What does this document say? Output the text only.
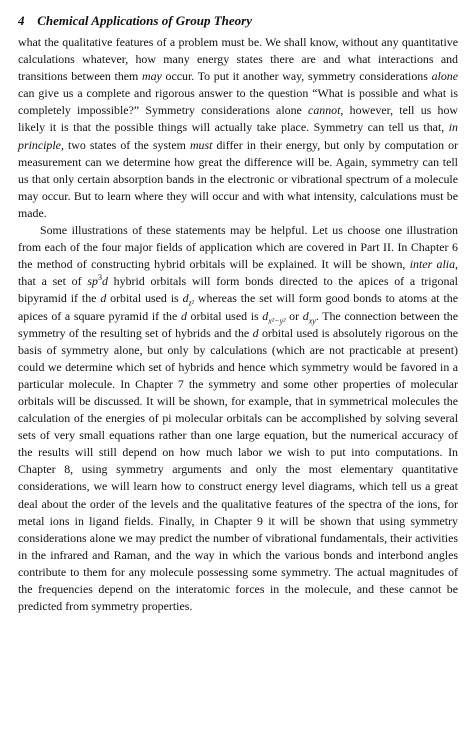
4 Chemical Applications of Group Theory

what the qualitative features of a problem must be. We shall know, without any quantitative calculations whatever, how many energy states there are and what interactions and transitions between them may occur. To put it another way, symmetry considerations alone can give us a complete and rigorous answer to the question “What is possible and what is completely impossible?” Symmetry considerations alone cannot, however, tell us how likely it is that the possible things will actually take place. Symmetry can tell us that, in principle, two states of the system must differ in their energy, but only by computation or measurement can we determine how great the difference will be. Again, symmetry can tell us that only certain absorption bands in the electronic or vibrational spectrum of a molecule may occur. But to learn where they will occur and with what intensity, calculations must be made.

Some illustrations of these statements may be helpful. Let us choose one illustration from each of the four major fields of application which are covered in Part II. In Chapter 6 the method of constructing hybrid orbitals will be explained. It will be shown, inter alia, that a set of $sp^3d$ hybrid orbitals will form bonds directed to the apices of a trigonal bipyramid if the d orbital used is $d_{z^2}$ whereas the set will form good bonds to atoms at the apices of a square pyramid if the d orbital used is $d_{x^2-y^2}$ or $d_{xy}$. The connection between the symmetry of the resulting set of hybrids and the d orbital used is absolutely rigorous on the basis of symmetry alone, but only by calculations (which are not practicable at present) could we determine which set of hybrids and hence which symmetry would be favored in a particular molecule. In Chapter 7 the symmetry and some other properties of molecular orbitals will be discussed. It will be shown, for example, that in symmetrical molecules the calculation of the energies of pi molecular orbitals can be accomplished by solving several sets of very small equations rather than one large equation, but the numerical accuracy of the results will still depend on how much labor we wish to put into computations. In Chapter 8, using symmetry arguments and only the most elementary quantitative considerations, we will learn how to construct energy level diagrams, which tell us a great deal about the order of the levels and the qualitative features of the spectra of the ions, for metal ions in ligand fields. Finally, in Chapter 9 it will be shown that using symmetry considerations alone we may predict the number of vibrational fundamentals, their activities in the infrared and Raman, and the way in which the various bonds and interbond angles contribute to them for any molecule possessing some symmetry. The actual magnitudes of the frequencies depend on the interatomic forces in the molecule, and these cannot be predicted from symmetry properties.
